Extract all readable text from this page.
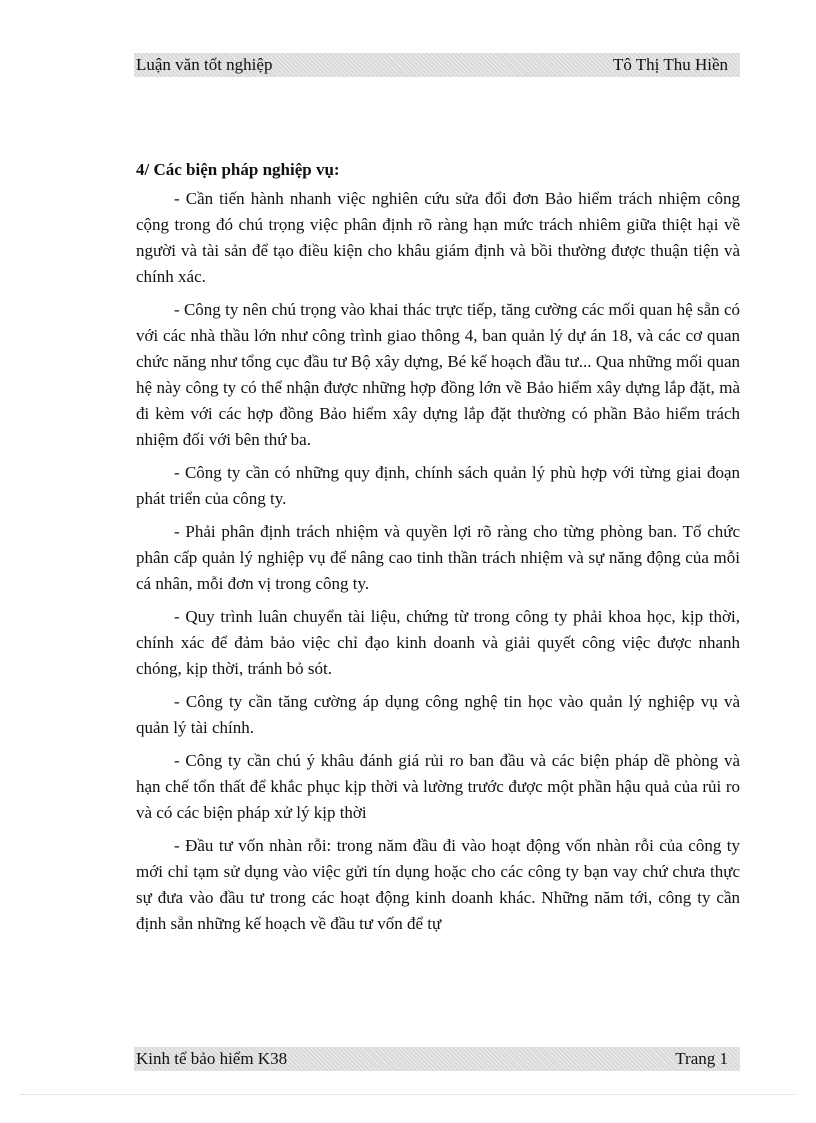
Luận văn tốt nghiệp	Tô Thị Thu Hiền

4/ Các biện pháp nghiệp vụ:

- Cần tiến hành nhanh việc nghiên cứu sửa đổi đơn Bảo hiểm trách nhiệm công cộng trong đó chú trọng việc phân định rõ ràng hạn mức trách nhiêm giữa thiệt hại về người và tài sản để tạo điều kiện cho khâu giám định và bồi thường được thuận tiện và chính xác.

- Công ty nên chú trọng vào khai thác trực tiếp, tăng cường các mối quan hệ sẵn có với các nhà thầu lớn như công trình giao thông 4, ban quản lý dự án 18, và các cơ quan chức năng như tổng cục đầu tư Bộ xây dựng, Bé kế hoạch đầu tư... Qua những mối quan hệ này công ty có thể nhận được những hợp đồng lớn về Bảo hiểm xây dựng lắp đặt, mà đi kèm với các hợp đồng Bảo hiểm xây dựng lắp đặt thường có phần Bảo hiểm trách nhiệm đối với bên thứ ba.

- Công ty cần có những quy định, chính sách quản lý phù hợp với từng giai đoạn phát triển của công ty.

- Phải phân định trách nhiệm và quyền lợi rõ ràng cho từng phòng ban. Tổ chức phân cấp quản lý nghiệp vụ để nâng cao tinh thần trách nhiệm và sự năng động của mỗi cá nhân, mỗi đơn vị trong công ty.

- Quy trình luân chuyển tài liệu, chứng từ trong công ty phải khoa học, kịp thời, chính xác để đảm bảo việc chỉ đạo kinh doanh và giải quyết công việc được nhanh chóng, kịp thời, tránh bỏ sót.

- Công ty cần tăng cường áp dụng công nghệ tin học vào quản lý nghiệp vụ và quản lý tài chính.

- Công ty cần chú ý khâu đánh giá rủi ro ban đầu và các biện pháp dề phòng và hạn chế tổn thất để khắc phục kịp thời và lường trước được một phần hậu quả của rủi ro và có các biện pháp xử lý kịp thời

- Đầu tư vốn nhàn rỗi: trong năm đầu đi vào hoạt động vốn nhàn rỗi của công ty mới chỉ tạm sử dụng vào việc gửi tín dụng hoặc cho các công ty bạn vay chứ chưa thực sự đưa vào đầu tư trong các hoạt động kinh doanh khác. Những năm tới, công ty cần định sẵn những kế hoạch về đầu tư vốn để tự

Kinh tế bảo hiểm K38	Trang 1
